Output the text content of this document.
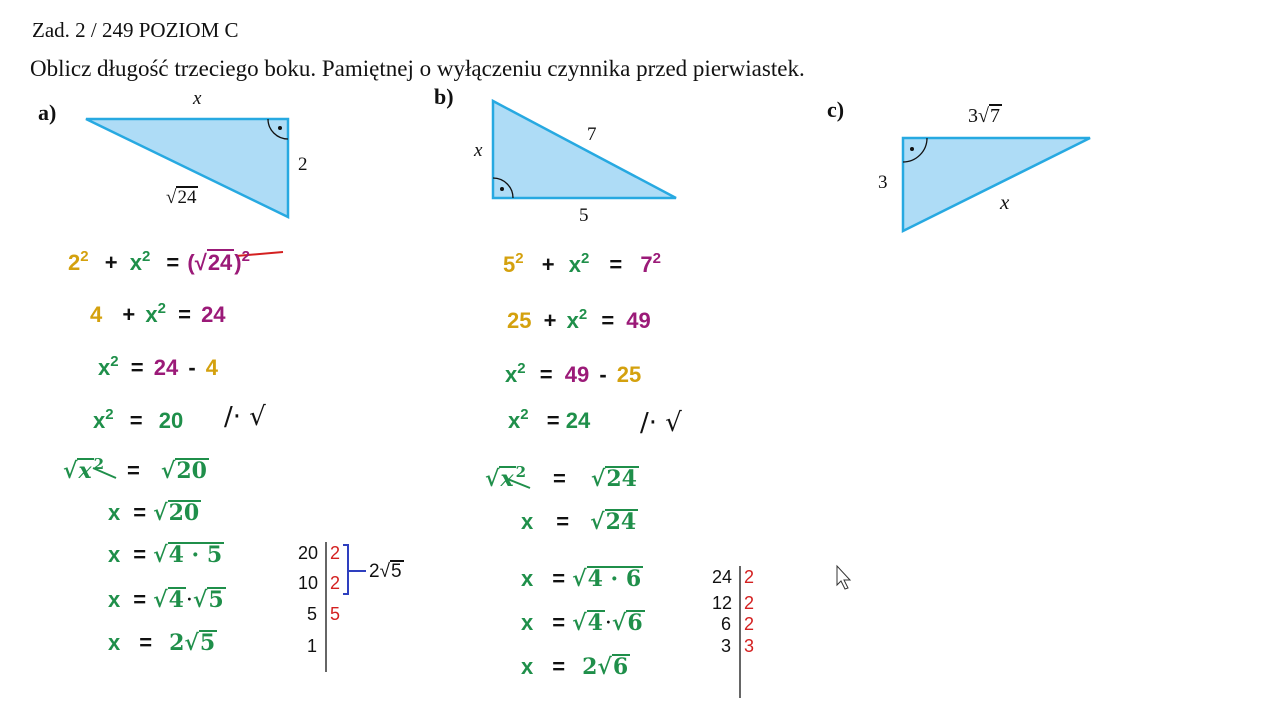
Zad. 2 / 249 POZIOM C
Oblicz długość trzeciego boku. Pamiętnej o wyłączeniu czynnika przed pierwiastek.
a)
x
2
√24
b)
x
7
5
c)	3√7
3
x
$2^2 + x^2 = (√24)^2$
$4 + x^2 = 24$
$x^2 = 24 - 4$
$x^2 = 20$ /· √
√x $^2$ = √20
x = √20
x = √4 · 5
x = √4·√5
x = 2√5
20 2
10 2
5 5
1
2√5
$5^2 + x^2 = 7^2$
$25 + x^2 = 49$
$x^2 = 49 - 25$
$x^2 = 24$ /· √
√x $^2$ = √24
x = √24
x = √4 · 6
x = √4·√6
x = 2√6
24 2
12 2
6 2
3 3
